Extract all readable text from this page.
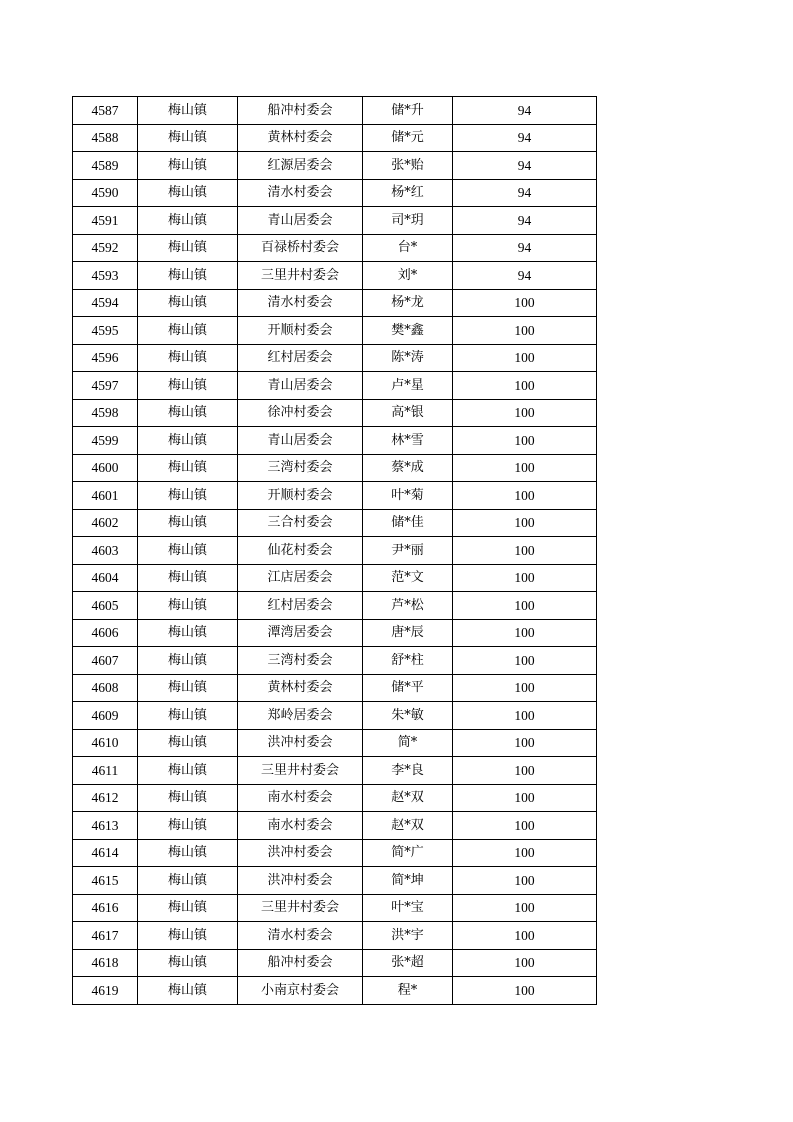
4587	梅山镇	船冲村委会	储*升	94
4588	梅山镇	黄林村委会	储*元	94
4589	梅山镇	红源居委会	张*贻	94
4590	梅山镇	清水村委会	杨*红	94
4591	梅山镇	青山居委会	司*玥	94
4592	梅山镇	百禄桥村委会	台*	94
4593	梅山镇	三里井村委会	刘*	94
4594	梅山镇	清水村委会	杨*龙	100
4595	梅山镇	开顺村委会	樊*鑫	100
4596	梅山镇	红村居委会	陈*涛	100
4597	梅山镇	青山居委会	卢*星	100
4598	梅山镇	徐冲村委会	高*银	100
4599	梅山镇	青山居委会	林*雪	100
4600	梅山镇	三湾村委会	蔡*成	100
4601	梅山镇	开顺村委会	叶*菊	100
4602	梅山镇	三合村委会	储*佳	100
4603	梅山镇	仙花村委会	尹*丽	100
4604	梅山镇	江店居委会	范*文	100
4605	梅山镇	红村居委会	芦*松	100
4606	梅山镇	潭湾居委会	唐*辰	100
4607	梅山镇	三湾村委会	舒*柱	100
4608	梅山镇	黄林村委会	储*平	100
4609	梅山镇	郑岭居委会	朱*敏	100
4610	梅山镇	洪冲村委会	简*	100
4611	梅山镇	三里井村委会	李*良	100
4612	梅山镇	南水村委会	赵*双	100
4613	梅山镇	南水村委会	赵*双	100
4614	梅山镇	洪冲村委会	简*广	100
4615	梅山镇	洪冲村委会	简*坤	100
4616	梅山镇	三里井村委会	叶*宝	100
4617	梅山镇	清水村委会	洪*宇	100
4618	梅山镇	船冲村委会	张*超	100
4619	梅山镇	小南京村委会	程*	100
